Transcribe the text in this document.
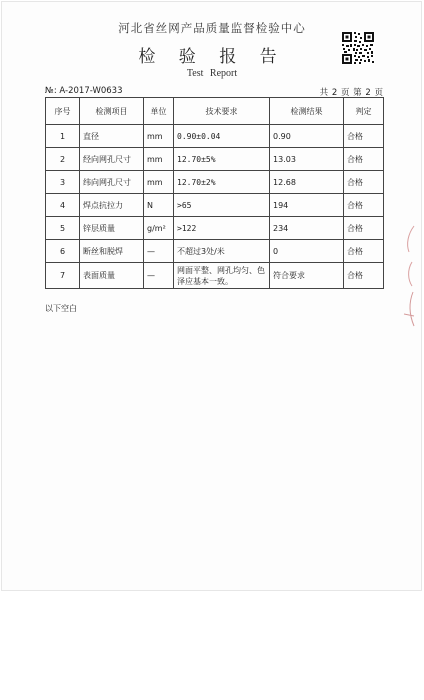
河北省丝网产品质量监督检验中心
检 验 报 告
Test Report
№: A-2017-W0633	共 2 页 第 2 页
序号	检测项目	单位	技术要求	检测结果	判定
1	直径	mm	0.90±0.04	0.90	合格
2	经向网孔尺寸	mm	12.70±5%	13.03	合格
3	纬向网孔尺寸	mm	12.70±2%	12.68	合格
4	焊点抗拉力	N	>65	194	合格
5	锌层质量	g/m²	>122	234	合格
6	断丝和脱焊	—	不超过3处/米	0	合格
7	表面质量	—	网面平整、网孔均匀、色泽应基本一致。	符合要求	合格
以下空白
